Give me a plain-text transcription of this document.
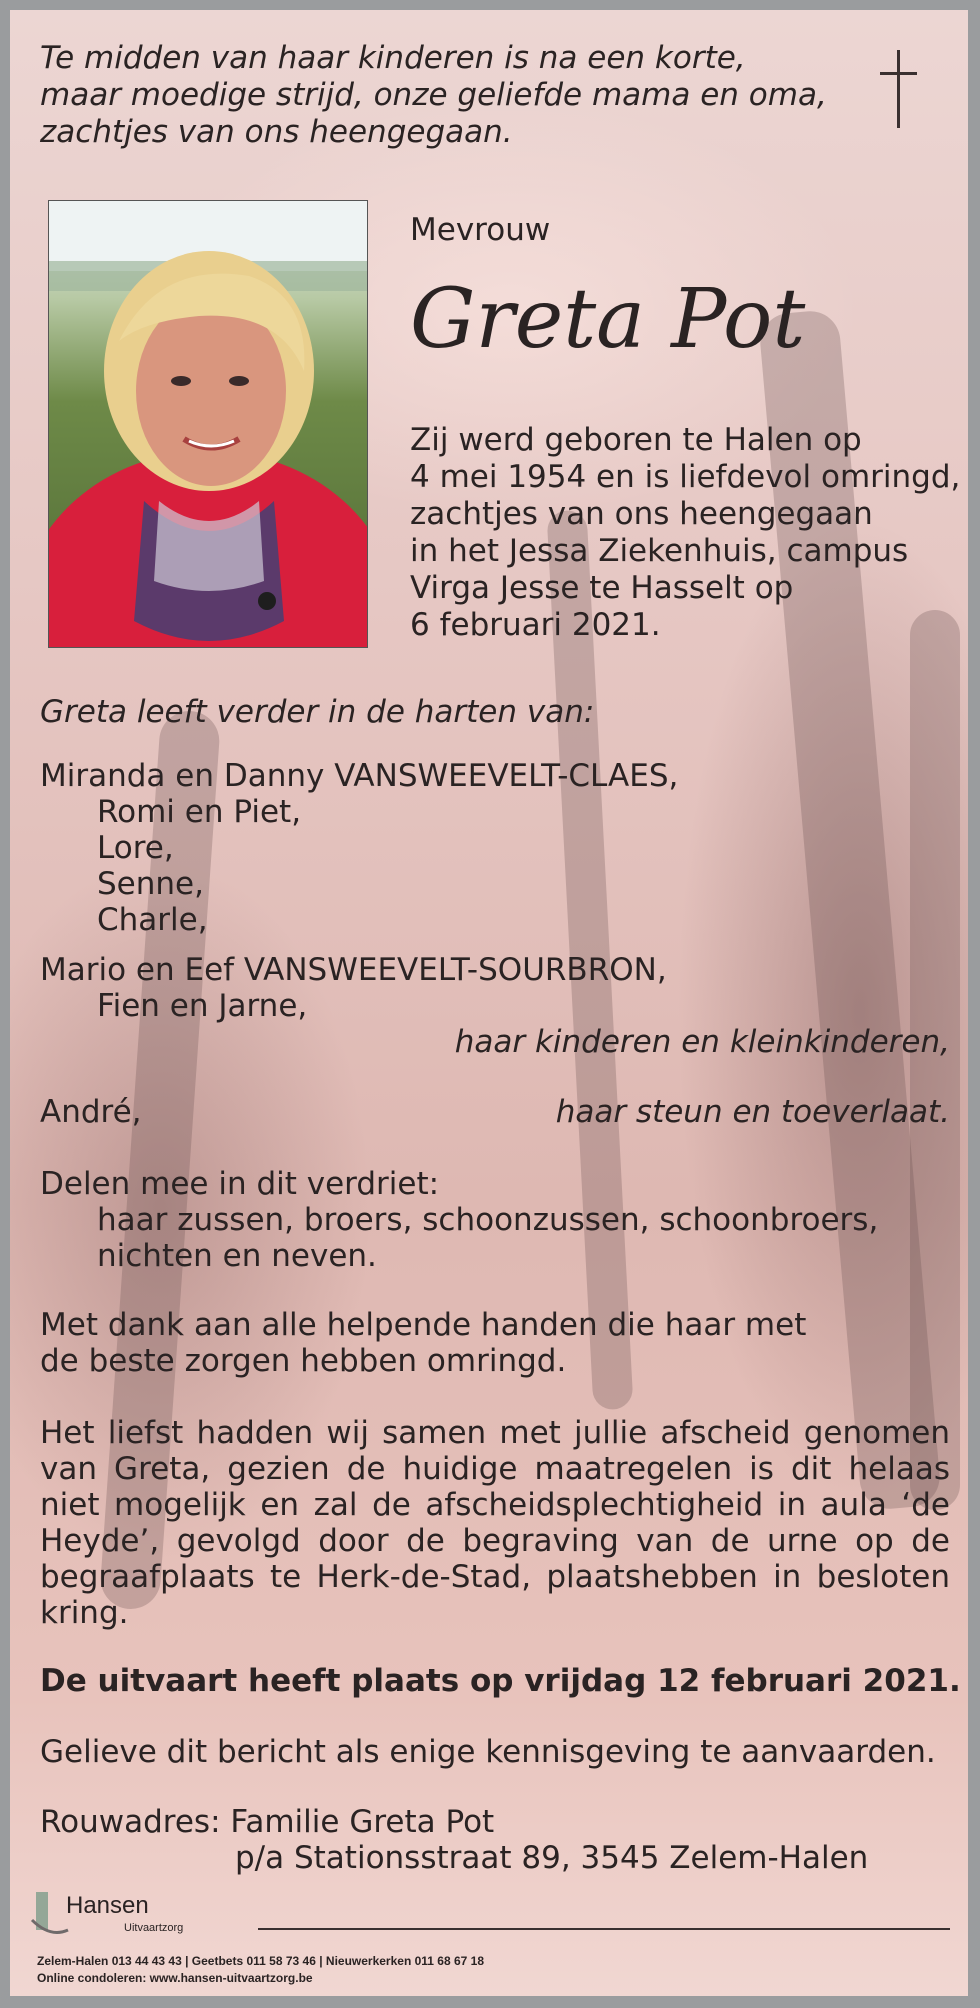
Te midden van haar kinderen is na een korte,
maar moedige strijd, onze geliefde mama en oma,
zachtjes van ons heengegaan.
Mevrouw
Greta Pot
Zij werd geboren te Halen op
4 mei 1954 en is liefdevol omringd,
zachtjes van ons heengegaan
in het Jessa Ziekenhuis, campus
Virga Jesse te Hasselt op
6 februari 2021.
Greta leeft verder in de harten van:
Miranda en Danny VANSWEEVELT-CLAES,
Romi en Piet,
Lore,
Senne,
Charle,
Mario en Eef VANSWEEVELT-SOURBRON,
Fien en Jarne,
haar kinderen en kleinkinderen,
André,	haar steun en toeverlaat.
Delen mee in dit verdriet:
haar zussen, broers, schoonzussen, schoonbroers,
nichten en neven.
Met dank aan alle helpende handen die haar met
de beste zorgen hebben omringd.
Het liefst hadden wij samen met jullie afscheid genomen van Greta, gezien de huidige maatregelen is dit helaas niet mogelijk en zal de afscheidsplechtigheid in aula ‘de Heyde’, gevolgd door de begraving van de urne op de begraafplaats te Herk-de-Stad, plaatshebben in besloten kring.
De uitvaart heeft plaats op vrijdag 12 februari 2021.
Gelieve dit bericht als enige kennisgeving te aanvaarden.
Rouwadres: Familie Greta Pot
p/a Stationsstraat 89, 3545 Zelem-Halen
Hansen
Uitvaartzorg
Zelem-Halen 013 44 43 43 | Geetbets 011 58 73 46 | Nieuwerkerken 011 68 67 18
Online condoleren: www.hansen-uitvaartzorg.be
